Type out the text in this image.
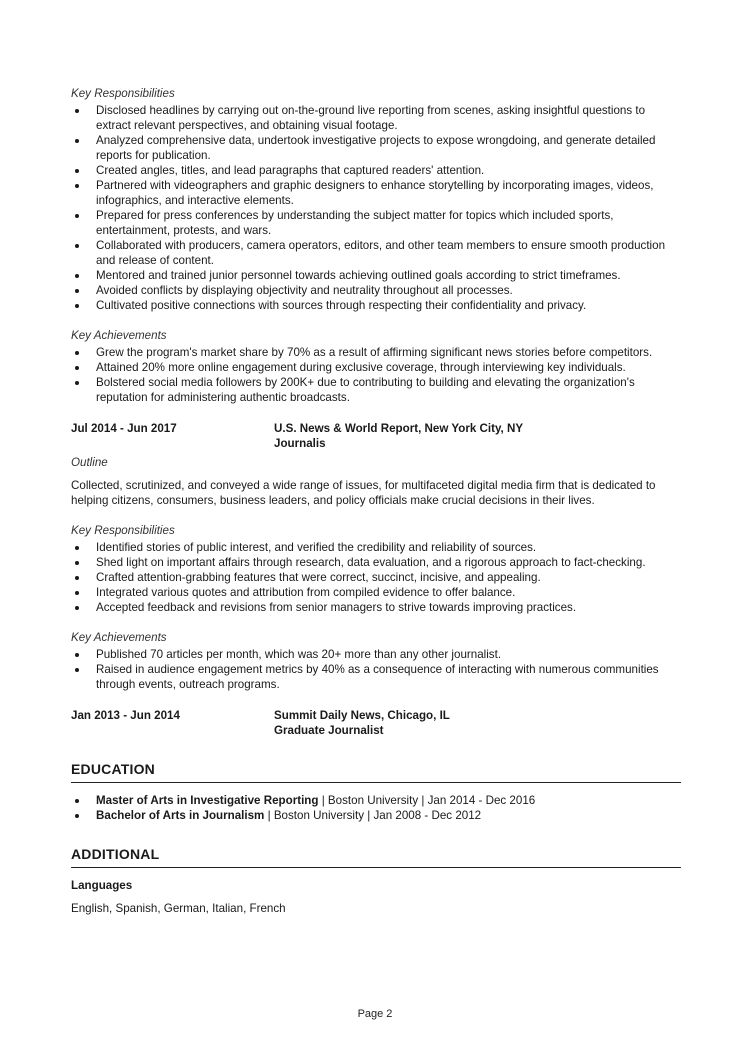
Key Responsibilities

Disclosed headlines by carrying out on-the-ground live reporting from scenes, asking insightful questions to extract relevant perspectives, and obtaining visual footage.
Analyzed comprehensive data, undertook investigative projects to expose wrongdoing, and generate detailed reports for publication.
Created angles, titles, and lead paragraphs that captured readers' attention.
Partnered with videographers and graphic designers to enhance storytelling by incorporating images, videos, infographics, and interactive elements.
Prepared for press conferences by understanding the subject matter for topics which included sports, entertainment, protests, and wars.
Collaborated with producers, camera operators, editors, and other team members to ensure smooth production and release of content.
Mentored and trained junior personnel towards achieving outlined goals according to strict timeframes.
Avoided conflicts by displaying objectivity and neutrality throughout all processes.
Cultivated positive connections with sources through respecting their confidentiality and privacy.

Key Achievements

Grew the program's market share by 70% as a result of affirming significant news stories before competitors.
Attained 20% more online engagement during exclusive coverage, through interviewing key individuals.
Bolstered social media followers by 200K+ due to contributing to building and elevating the organization's reputation for administering authentic broadcasts.
Jul 2014 - Jun 2017	U.S. News & World Report, New York City, NY
Journalis

Outline

Collected, scrutinized, and conveyed a wide range of issues, for multifaceted digital media firm that is dedicated to helping citizens, consumers, business leaders, and policy officials make crucial decisions in their lives.

Key Responsibilities

Identified stories of public interest, and verified the credibility and reliability of sources.
Shed light on important affairs through research, data evaluation, and a rigorous approach to fact-checking.
Crafted attention-grabbing features that were correct, succinct, incisive, and appealing.
Integrated various quotes and attribution from compiled evidence to offer balance.
Accepted feedback and revisions from senior managers to strive towards improving practices.

Key Achievements

Published 70 articles per month, which was 20+ more than any other journalist.
Raised in audience engagement metrics by 40% as a consequence of interacting with numerous communities through events, outreach programs.
Jan 2013 - Jun 2014	Summit Daily News, Chicago, IL
Graduate Journalist
EDUCATION
Master of Arts in Investigative Reporting | Boston University | Jan 2014 - Dec 2016
Bachelor of Arts in Journalism | Boston University | Jan 2008 - Dec 2012
ADDITIONAL

Languages

English, Spanish, German, Italian, French

Page 2
